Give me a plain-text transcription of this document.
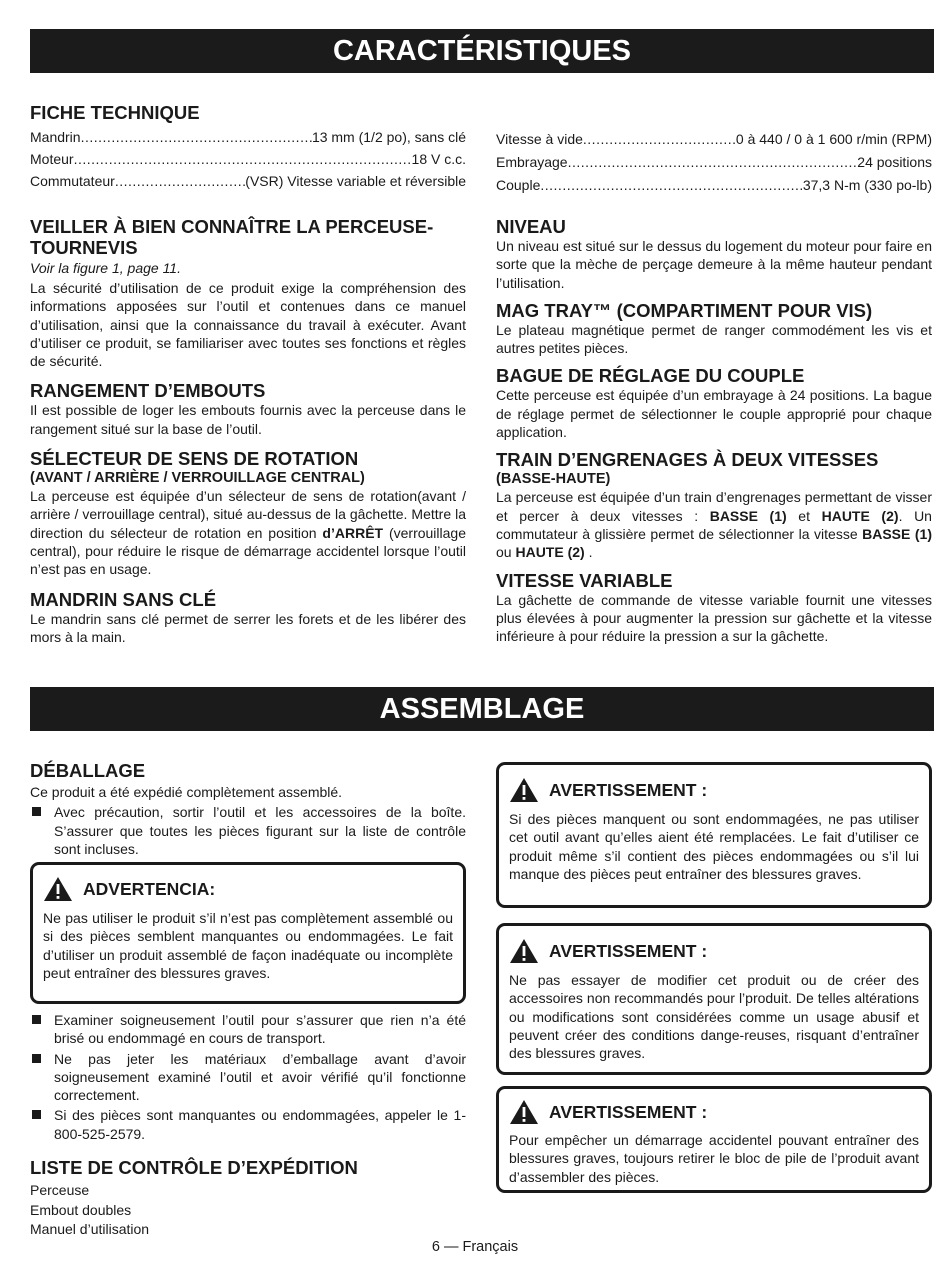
CARACTÉRISTIQUES
ASSEMBLAGE
FICHE TECHNIQUE
Mandrin .....	13 mm (1/2 po), sans clé
Moteur .....	18 V c.c.
Commutateur .....	(VSR) Vitesse variable et réversible
Vitesse à vide .....	0 à 440 / 0 à 1 600 r/min (RPM)
Embrayage .....	24 positions
Couple .....	37,3 N-m (330 po-lb)
VEILLER À BIEN CONNAÎTRE LA PERCEUSE-
TOURNEVIS
Voir la figure 1, page 11.

La sécurité d’utilisation de ce produit exige la compréhension des informations apposées sur l’outil et contenues dans ce manuel d’utilisation, ainsi que la connaissance du travail à exécuter. Avant d’utiliser ce produit, se familiariser avec toutes ses fonctions et règles de sécurité.

RANGEMENT D’EMBOUTS

Il est possible de loger les embouts fournis avec la perceuse dans le rangement situé sur la base de l’outil.

SÉLECTEUR DE SENS DE ROTATION
(AVANT / ARRIÈRE / VERROUILLAGE CENTRAL)

La perceuse est équipée d’un sélecteur de sens de rotation(avant / arrière / verrouillage central), situé au-dessus de la gâchette. Mettre la direction du sélecteur de rotation en position d’ARRÊT (verrouillage central), pour réduire le risque de démarrage accidentel lorsque l’outil n’est pas en usage.

MANDRIN SANS CLÉ

Le mandrin sans clé permet de serrer les forets et de les libérer des mors à la main.

NIVEAU

Un niveau est situé sur le dessus du logement du moteur pour faire en sorte que la mèche de perçage demeure à la même hauteur pendant l’utilisation.

MAG TRAY™ (COMPARTIMENT POUR VIS)

Le plateau magnétique permet de ranger commodément les vis et autres petites pièces.

BAGUE DE RÉGLAGE DU COUPLE

Cette perceuse est équipée d’un embrayage à 24 positions. La bague de réglage permet de sélectionner le couple approprié pour chaque application.

TRAIN D’ENGRENAGES À DEUX VITESSES
(BASSE-HAUTE)

La perceuse est équipée d’un train d’engrenages permettant de visser et percer à deux vitesses : BASSE (1) et HAUTE (2). Un commutateur à glissière permet de sélectionner la vitesse BASSE (1) ou HAUTE (2) .

VITESSE VARIABLE

La gâchette de commande de vitesse variable fournit une vitesses plus élevées à pour augmenter la pression sur gâchette et la vitesse inférieure à pour réduire la pression a sur la gâchette.

DÉBALLAGE

Ce produit a été expédié complètement assemblé.

Avec précaution, sortir l’outil et les accessoires de la boîte. S’assurer que toutes les pièces figurant sur la liste de contrôle sont incluses.
ADVERTENCIA:

Ne pas utiliser le produit s’il n’est pas complètement assemblé ou si des pièces semblent manquantes ou endommagées. Le fait d’utiliser un produit assemblé de façon inadéquate ou incomplète peut entraîner des blessures graves.

Examiner soigneusement l’outil pour s’assurer que rien n’a été brisé ou endommagé en cours de transport.
Ne pas jeter les matériaux d’emballage avant d’avoir soigneusement examiné l’outil et avoir vérifié qu’il fonctionne correctement.
Si des pièces sont manquantes ou endommagées, appeler le 1-800-525-2579.
LISTE DE CONTRÔLE D’EXPÉDITION
Perceuse
Embout doubles
Manuel d’utilisation
AVERTISSEMENT :

Si des pièces manquent ou sont endommagées, ne pas utiliser cet outil avant qu’elles aient été remplacées. Le fait d’utiliser ce produit même s’il contient des pièces endommagées ou s’il lui manque des pièces peut entraîner des blessures graves.

AVERTISSEMENT :

Ne pas essayer de modifier cet produit ou de créer des accessoires non recommandés pour l’produit. De telles altérations ou modifications sont considérées comme un usage abusif et peuvent créer des conditions dange-reuses, risquant d’entraîner des blessures graves.

AVERTISSEMENT :

Pour empêcher un démarrage accidentel pouvant entraîner des blessures graves, toujours retirer le bloc de pile de l’produit avant d’assembler des pièces.

6 — Français
